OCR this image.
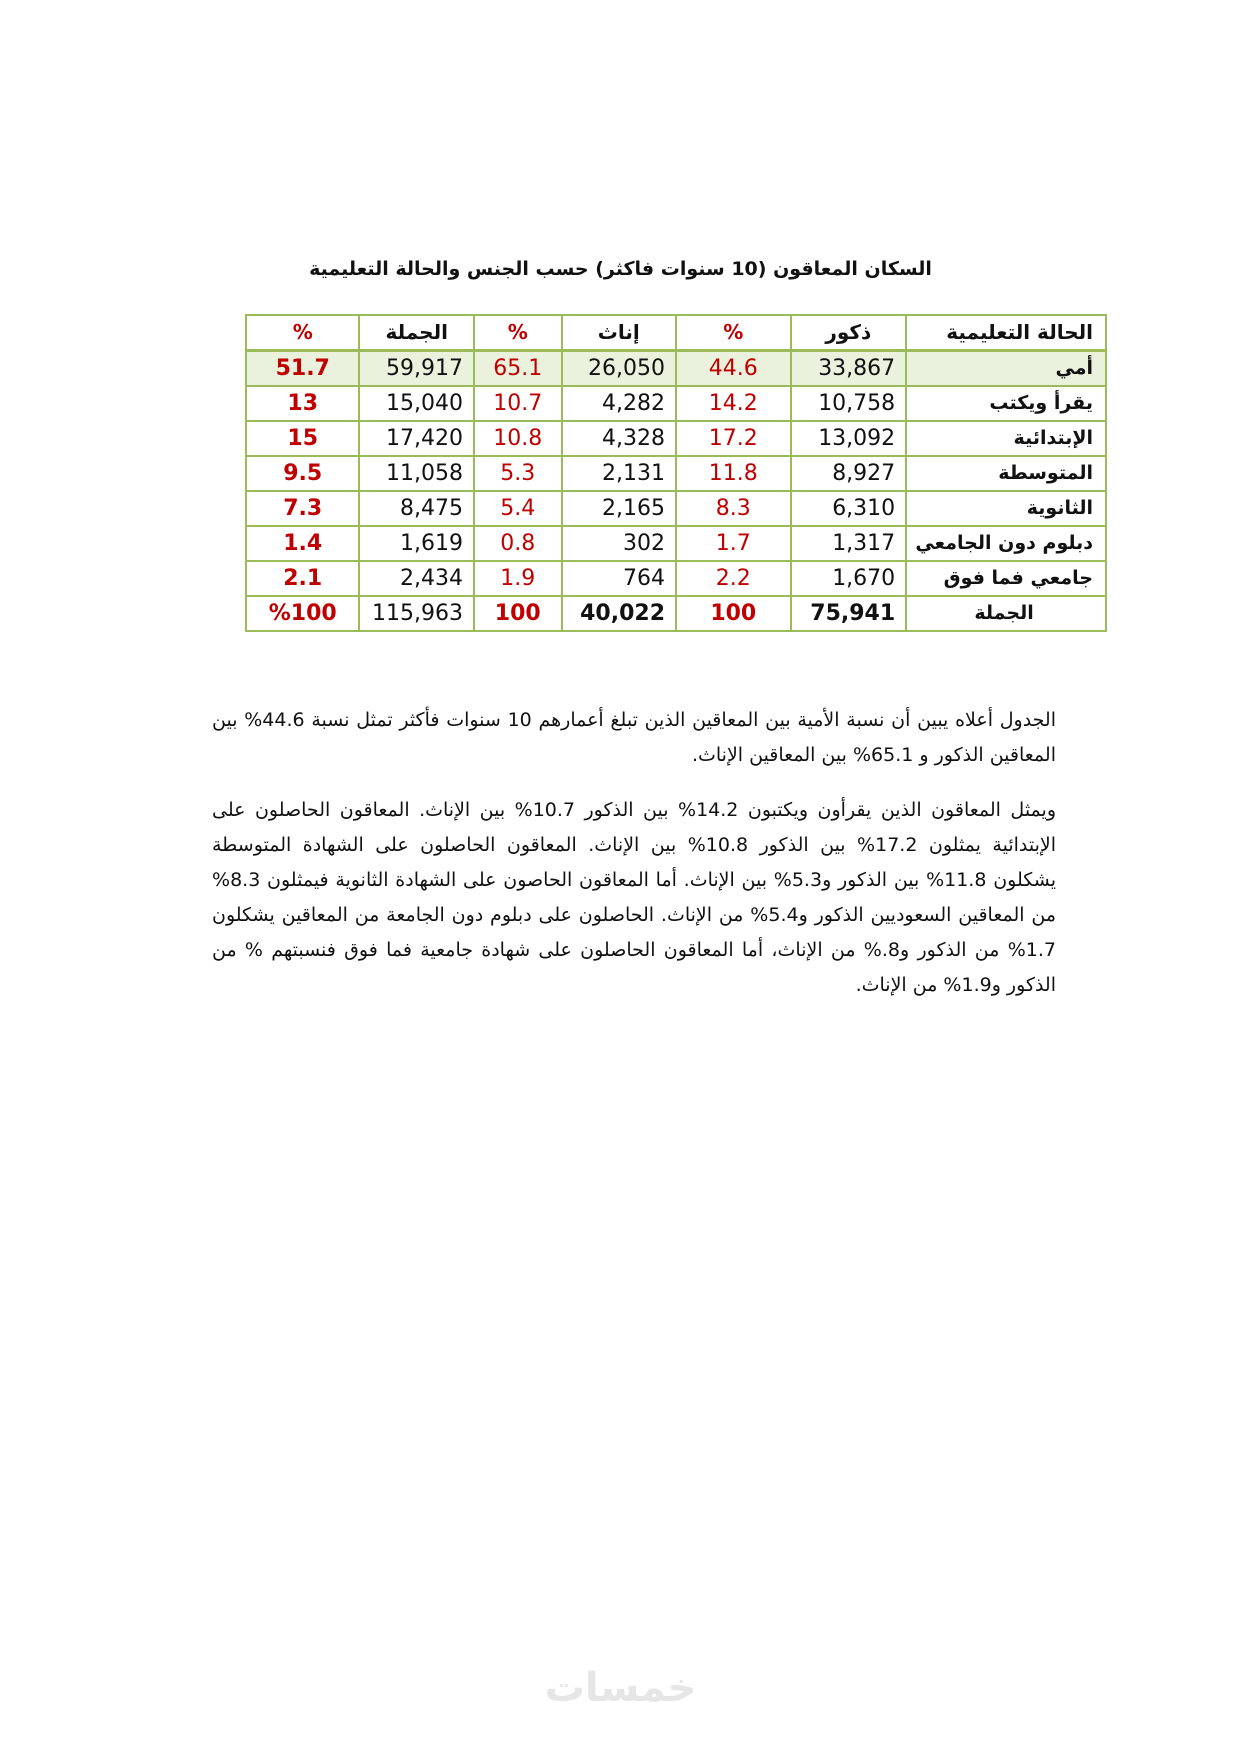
السكان المعاقون (10 سنوات فاكثر) حسب الجنس والحالة التعليمية
الحالة التعليمية	ذكور	%	إناث	%	الجملة	%
أمي	33,867	44.6	26,050	65.1	59,917	51.7
يقرأ ويكتب	10,758	14.2	4,282	10.7	15,040	13
الإبتدائية	13,092	17.2	4,328	10.8	17,420	15
المتوسطة	8,927	11.8	2,131	5.3	11,058	9.5
الثانوية	6,310	8.3	2,165	5.4	8,475	7.3
دبلوم دون الجامعي	1,317	1.7	302	0.8	1,619	1.4
جامعي فما فوق	1,670	2.2	764	1.9	2,434	2.1
الجملة	75,941	100	40,022	100	115,963	%100

الجدول أعلاه يبين أن نسبة الأمية بين المعاقين الذين تبلغ أعمارهم 10 سنوات فأكثر تمثل نسبة 44.6% بين المعاقين الذكور و 65.1% بين المعاقين الإناث.

ويمثل المعاقون الذين يقرأون ويكتبون 14.2% بين الذكور 10.7% بين الإناث. المعاقون الحاصلون على الإبتدائية يمثلون 17.2% بين الذكور 10.8% بين الإناث. المعاقون الحاصلون على الشهادة المتوسطة يشكلون 11.8% بين الذكور و5.3% بين الإناث. أما المعاقون الحاصون على الشهادة الثانوية فيمثلون 8.3% من المعاقين السعوديين الذكور و5.4% من الإناث. الحاصلون على دبلوم دون الجامعة من المعاقين يشكلون 1.7% من الذكور و8.% من الإناث، أما المعاقون الحاصلون على شهادة جامعية فما فوق فنسبتهم % من الذكور و1.9% من الإناث.

خمسات
